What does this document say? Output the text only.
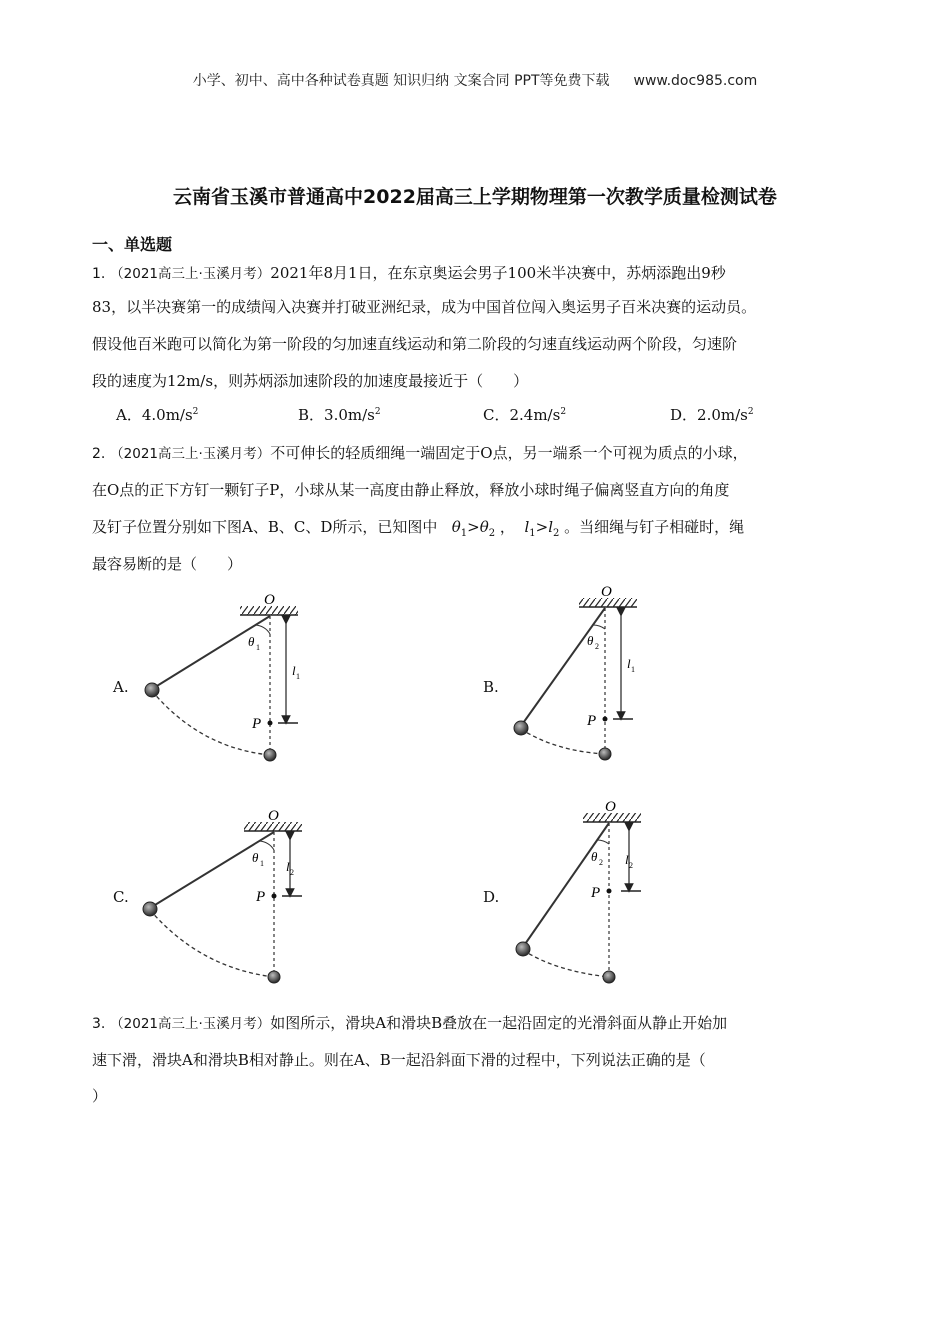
小学、初中、高中各种试卷真题 知识归纳 文案合同 PPT等免费下载 www.doc985.com
云南省玉溪市普通高中2022届高三上学期物理第一次教学质量检测试卷
一、单选题
1. （2021高三上·玉溪月考）2021年8月1日，在东京奥运会男子100米半决赛中，苏炳添跑出9秒
83，以半决赛第一的成绩闯入决赛并打破亚洲纪录，成为中国首位闯入奥运男子百米决赛的运动员。
假设他百米跑可以简化为第一阶段的匀加速直线运动和第二阶段的匀速直线运动两个阶段，匀速阶
段的速度为12m/s，则苏炳添加速阶段的加速度最接近于（　　）
A．$4.0m/s^2$	B．$3.0m/s^2$	C．$2.4m/s^2$	D．$2.0m/s^2$
2. （2021高三上·玉溪月考）不可伸长的轻质细绳一端固定于O点，另一端系一个可视为质点的小球，
在O点的正下方钉一颗钉子P，小球从某一高度由静止释放，释放小球时绳子偏离竖直方向的角度
及钉子位置分别如下图A、B、C、D所示，已知图中 $\theta_1>\theta_2$ ， $l_1>l_2$ 。当细绳与钉子相碰时，绳
最容易断的是（　　）
A.
O
θ 1
l 1
P
B.
O
θ 2
l 1
P
C.
O
θ 1 l 2
P	D.
O
θ 2 l 2
P
3. （2021高三上·玉溪月考）如图所示，滑块A和滑块B叠放在一起沿固定的光滑斜面从静止开始加
速下滑，滑块A和滑块B相对静止。则在A、B一起沿斜面下滑的过程中，下列说法正确的是（
）
